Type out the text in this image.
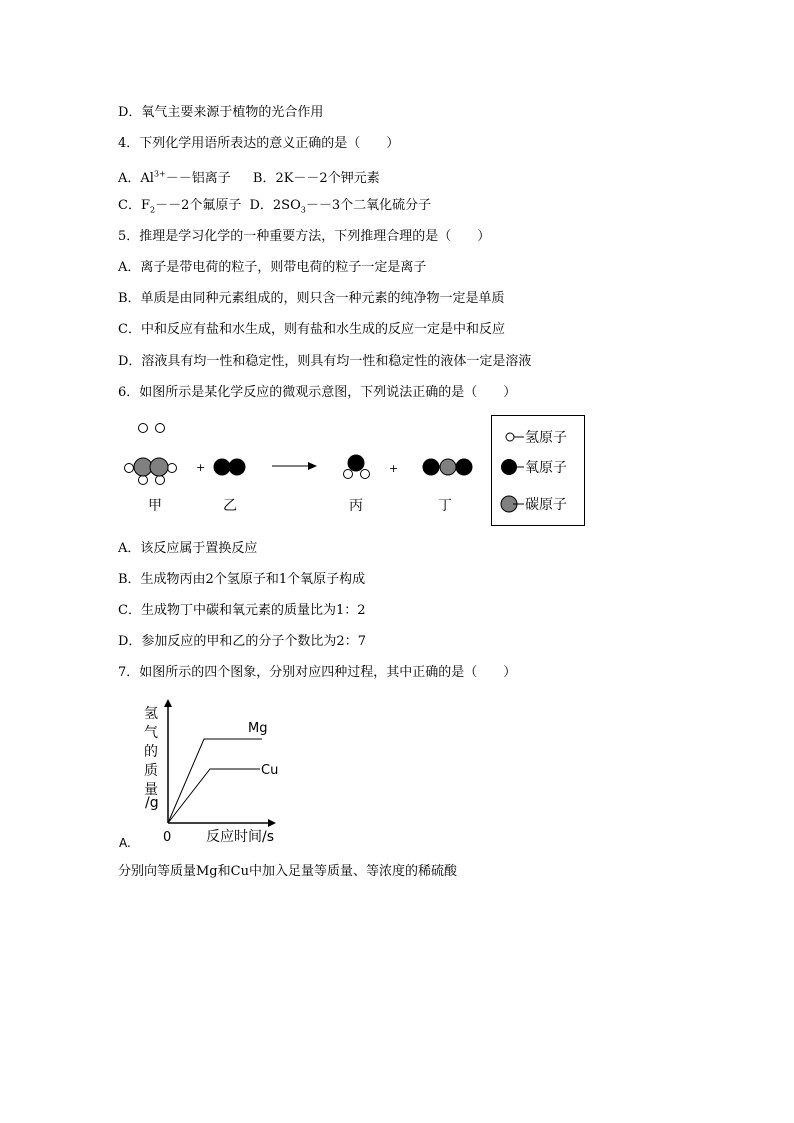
D．氧气主要来源于植物的光合作用
4．下列化学用语所表达的意义正确的是（　　）
A．$Al^{3+}--$铝离子 B．2K－－2个钾元素
C．$F_2--2$个氟原子 D．$2SO_3--3$个二氧化硫分子
5．推理是学习化学的一种重要方法，下列推理合理的是（　　）
A．离子是带电荷的粒子，则带电荷的粒子一定是离子
B．单质是由同种元素组成的，则只含一种元素的纯净物一定是单质
C．中和反应有盐和水生成，则有盐和水生成的反应一定是中和反应
D．溶液具有均一性和稳定性，则具有均一性和稳定性的液体一定是溶液
6．如图所示是某化学反应的微观示意图，下列说法正确的是（　　）
+	+
甲	乙	丙	丁
氢原子
氧原子
碳原子
A．该反应属于置换反应
B．生成物丙由2个氢原子和1个氧原子构成
C．生成物丁中碳和氧元素的质量比为1：2
D．参加反应的甲和乙的分子个数比为2：7
7．如图所示的四个图象，分别对应四种过程，其中正确的是（　　）
Mg
Cu
氢
气
的
质
量
/g
0 反应时间/s
A.
分别向等质量Mg和Cu中加入足量等质量、等浓度的稀硫酸
